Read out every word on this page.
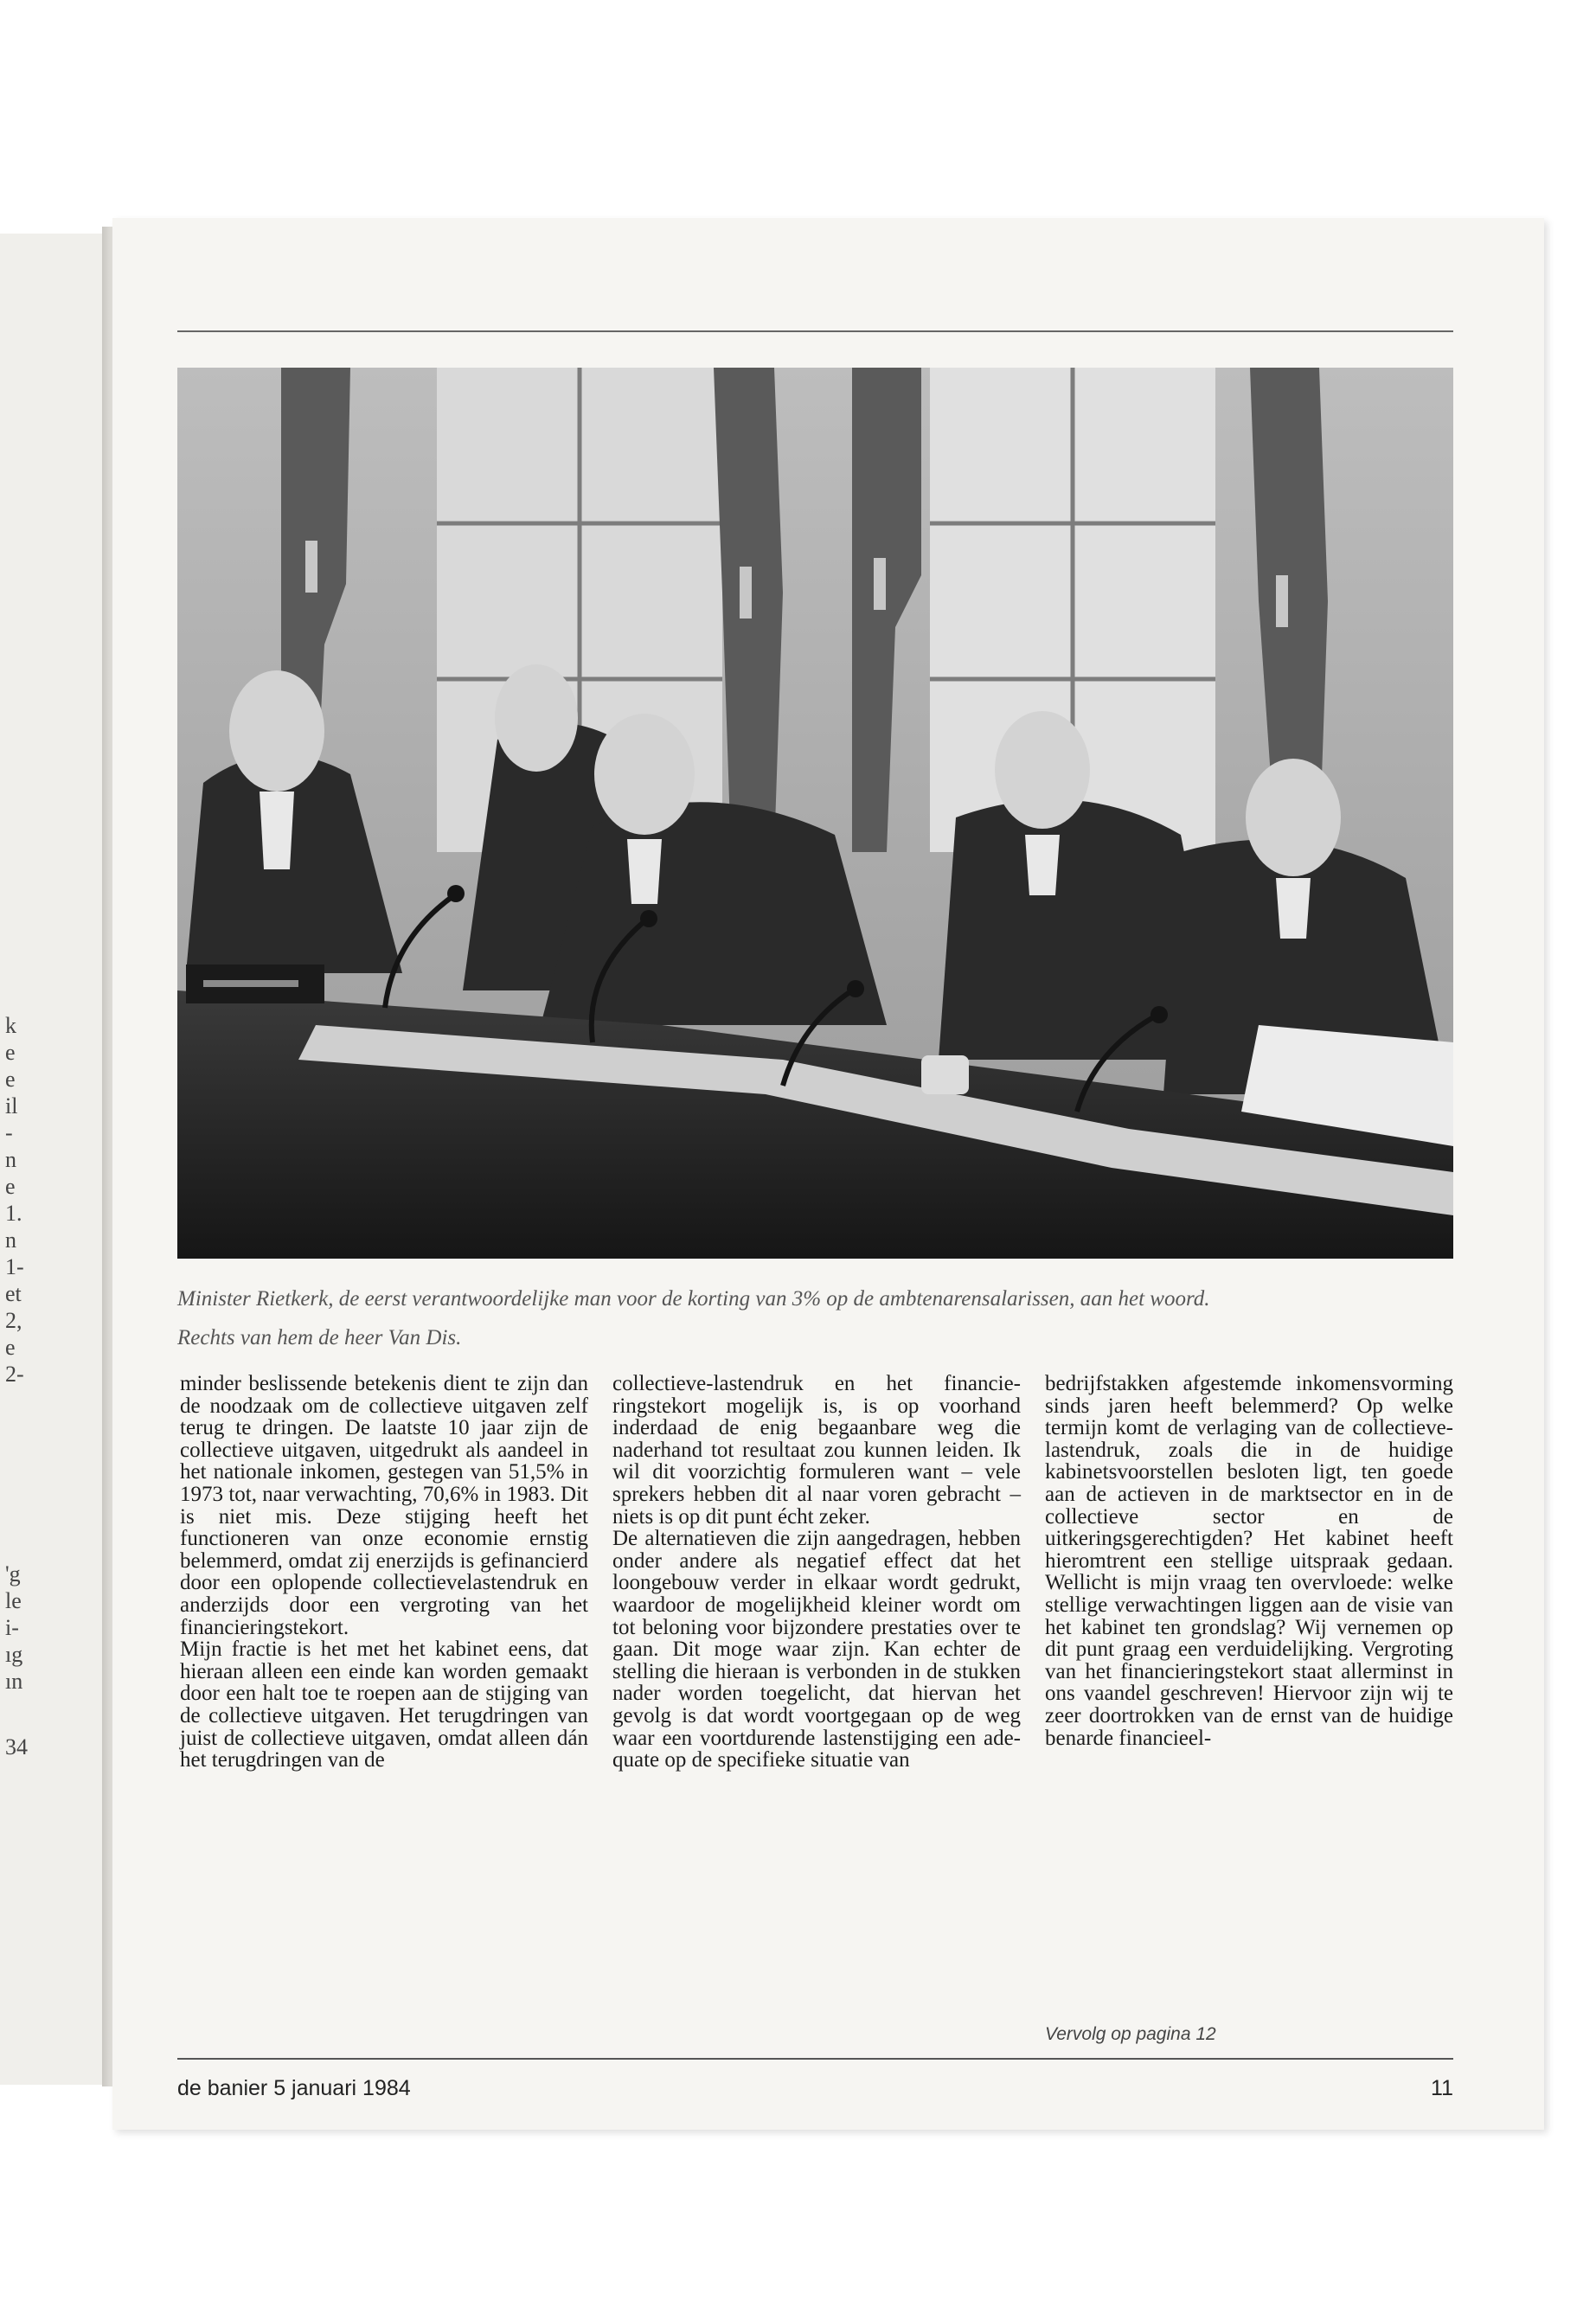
k
e
e
il
-
n
e
1.
n
1-
et
2,
e
2-
'g
le
i-
ıg
ın
34
Minister Rietkerk, de eerst verantwoordelijke man voor de korting van 3% op de ambtenarensalarissen, aan het woord.
Rechts van hem de heer Van Dis.

minder beslissende betekenis dient te zijn dan de noodzaak om de collectieve uitgaven zelf terug te dringen. De laatste 10 jaar zijn de collectieve uitgaven, uitgedrukt als aandeel in het nationale inkomen, gestegen van 51,5% in 1973 tot, naar verwachting, 70,6% in 1983. Dit is niet mis. Deze stijging heeft het functioneren van onze economie ernstig belemmerd, omdat zij enerzijds is gefinancierd door een oplopende collectievelastendruk en anderzijds door een vergroting van het financieringstekort.

Mijn fractie is het met het kabinet eens, dat hieraan alleen een einde kan worden gemaakt door een halt toe te roepen aan de stijging van de collectieve uitgaven. Het terugdringen van juist de collectieve uitgaven, omdat alleen dán het terugdringen van de

collectieve-lastendruk en het financieringstekort mogelijk is, is op voorhand inderdaad de enig begaanbare weg die naderhand tot resultaat zou kunnen leiden. Ik wil dit voorzichtig formuleren want – vele sprekers hebben dit al naar voren gebracht – niets is op dit punt écht zeker.

De alternatieven die zijn aangedragen, hebben onder andere als negatief effect dat het loongebouw verder in elkaar wordt gedrukt, waardoor de mogelijkheid kleiner wordt om tot beloning voor bijzondere prestaties over te gaan. Dit moge waar zijn. Kan echter de stelling die hieraan is verbonden in de stukken nader worden toegelicht, dat hiervan het gevolg is dat wordt voortgegaan op de weg waar een voortdurende lastenstijging een adequate op de specifieke situatie van

bedrijfstakken afgestemde inkomensvorming sinds jaren heeft belemmerd? Op welke termijn komt de verlaging van de collectieve-lastendruk, zoals die in de huidige kabinetsvoorstellen besloten ligt, ten goede aan de actieven in de marktsector en in de collectieve sector en de uitkeringsgerechtigden? Het kabinet heeft hieromtrent een stellige uitspraak gedaan. Wellicht is mijn vraag ten overvloede: welke stellige verwachtingen liggen aan de visie van het kabinet ten grondslag? Wij vernemen op dit punt graag een verduidelijking. Vergroting van het financieringstekort staat allerminst in ons vaandel geschreven! Hiervoor zijn wij te zeer doortrokken van de ernst van de huidige benarde financieel-

Vervolg op pagina 12
de banier 5 januari 1984	11
